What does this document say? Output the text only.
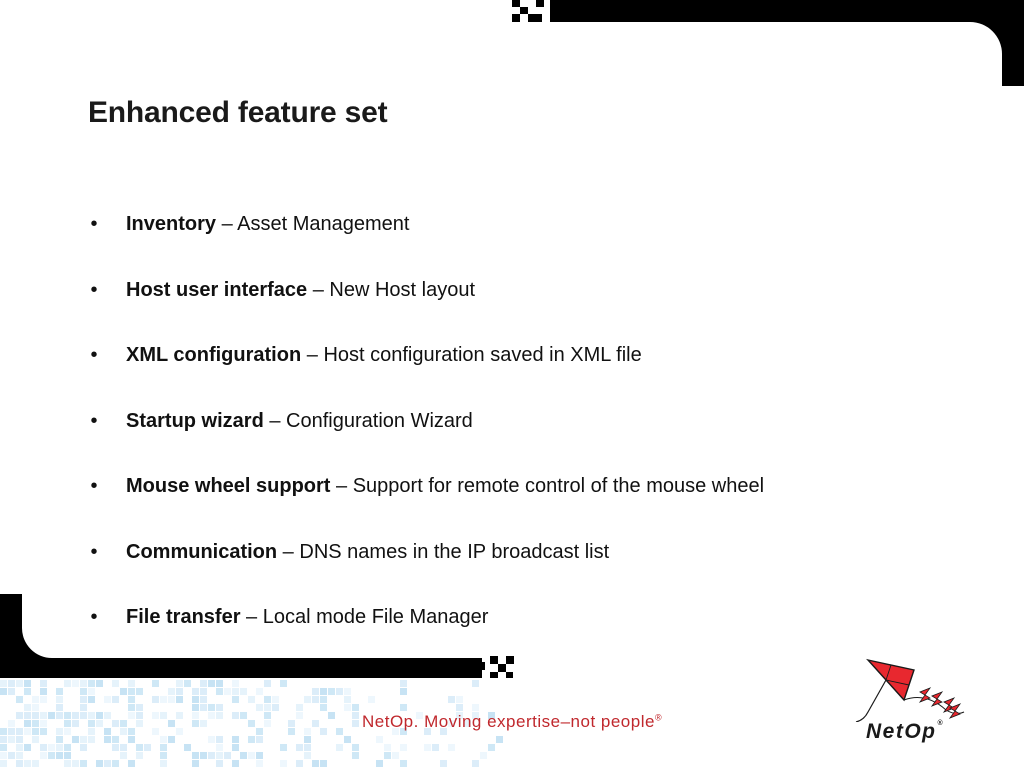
Enhanced feature set
• Inventory – Asset Management
• Host user interface – New Host layout
• XML configuration – Host configuration saved in XML file
• Startup wizard – Configuration Wizard
• Mouse wheel support – Support for remote control of the mouse wheel
• Communication – DNS names in the IP broadcast list
• File transfer – Local mode File Manager
NetOp. Moving expertise–not people®
NetOp®
